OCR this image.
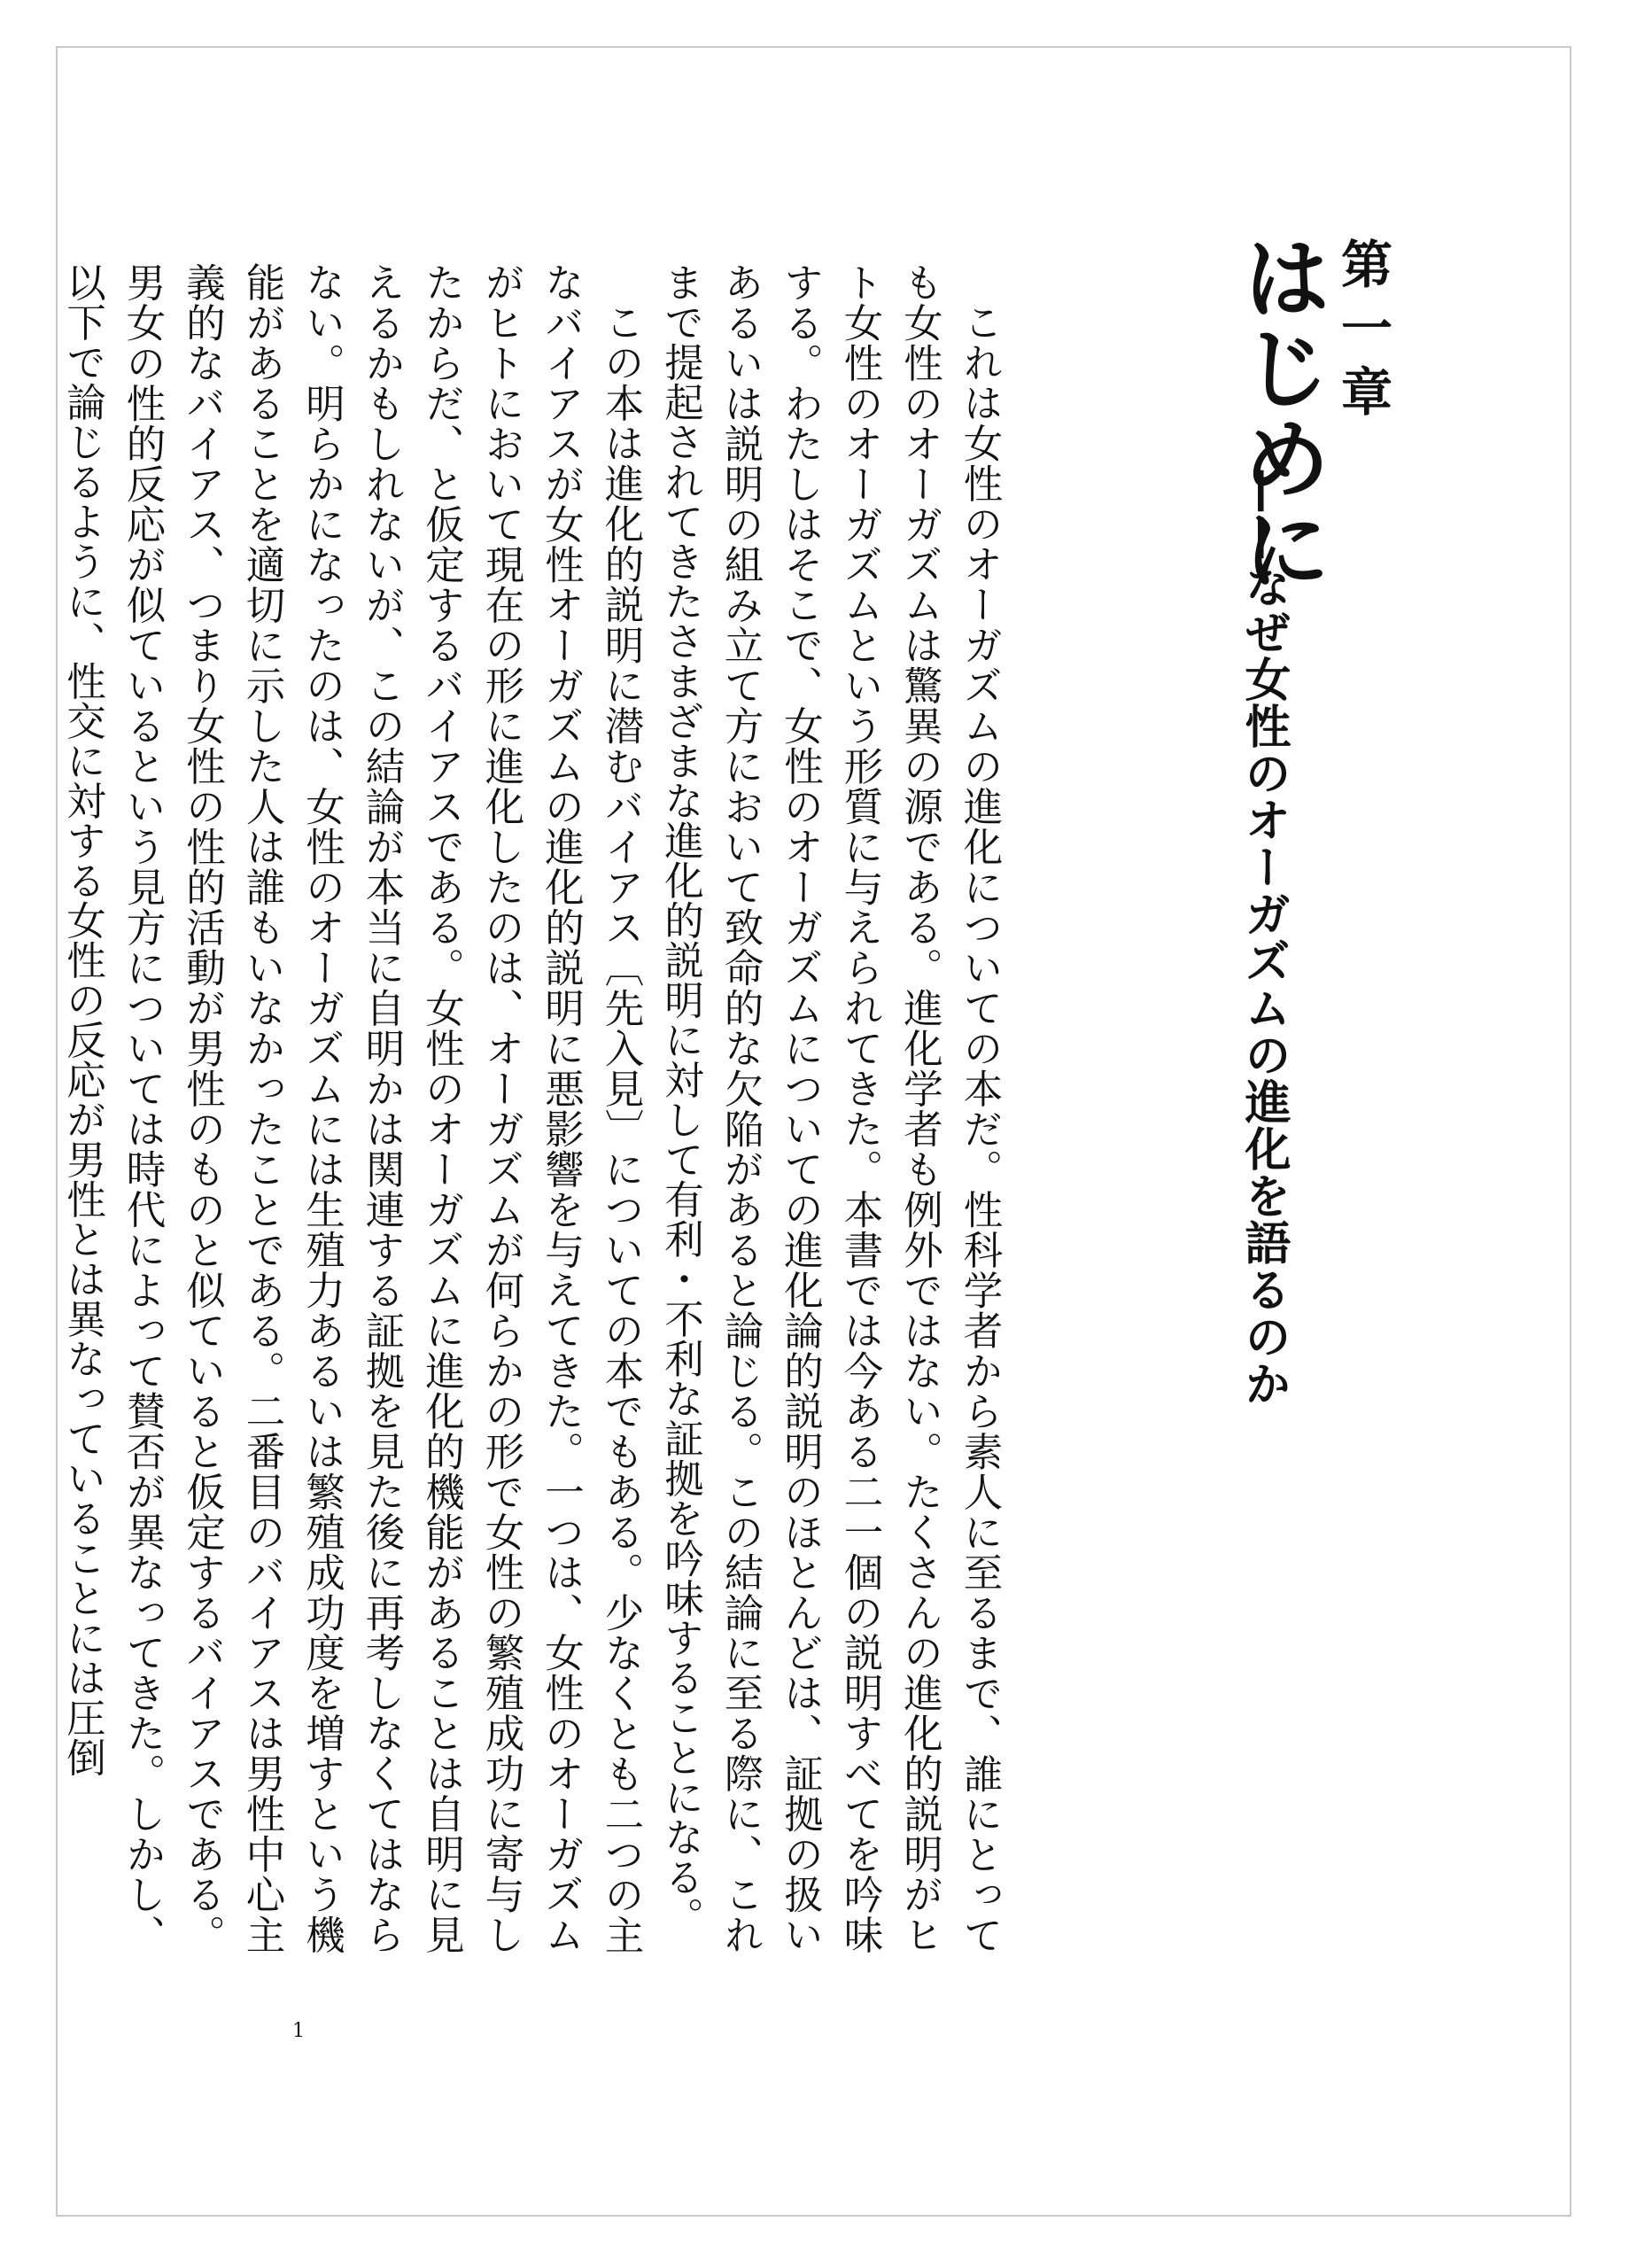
第一章
はじめに
——なぜ女性のオーガズムの進化を語るのか

これは女性のオーガズムの進化についての本だ。性科学者から素人に至るまで、誰にとっても女性のオーガズムは驚異の源である。進化学者も例外ではない。たくさんの進化的説明がヒト女性のオーガズムという形質に与えられてきた。本書では今ある二一個の説明すべてを吟味する。わたしはそこで、女性のオーガズムについての進化論的説明のほとんどは、証拠の扱いあるいは説明の組み立て方において致命的な欠陥があると論じる。この結論に至る際に、これまで提起されてきたさまざまな進化的説明に対して有利・不利な証拠を吟味することになる。

この本は進化的説明に潜むバイアス〔先入見〕についての本でもある。少なくとも二つの主なバイアスが女性オーガズムの進化的説明に悪影響を与えてきた。一つは、女性のオーガズムがヒトにおいて現在の形に進化したのは、オーガズムが何らかの形で女性の繁殖成功に寄与したからだ、と仮定するバイアスである。女性のオーガズムに進化的機能があることは自明に見えるかもしれないが、この結論が本当に自明かは関連する証拠を見た後に再考しなくてはならない。明らかになったのは、女性のオーガズムには生殖力あるいは繁殖成功度を増すという機能があることを適切に示した人は誰もいなかったことである。二番目のバイアスは男性中心主義的なバイアス、つまり女性の性的活動が男性のものと似ていると仮定するバイアスである。男女の性的反応が似ているという見方については時代によって賛否が異なってきた。しかし、以下で論じるように、性交に対する女性の反応が男性とは異なっていることには圧倒

1
